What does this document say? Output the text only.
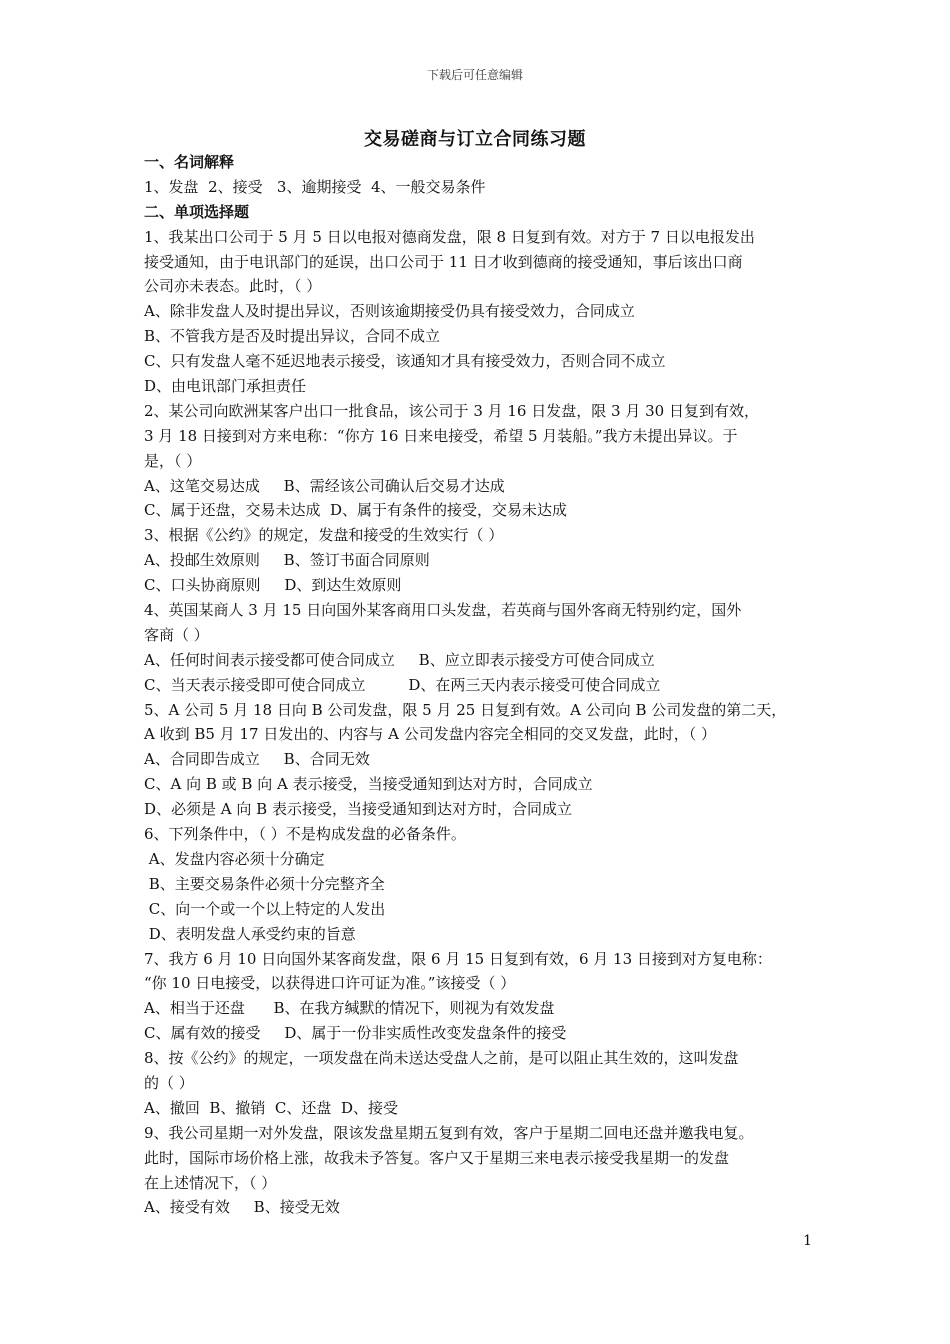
下载后可任意编辑
交易磋商与订立合同练习题
一、名词解释
1、发盘  2、接受   3、逾期接受  4、一般交易条件
二、单项选择题
1、我某出口公司于 5 月 5 日以电报对德商发盘，限 8 日复到有效。对方于 7 日以电报发出
接受通知，由于电讯部门的延误，出口公司于 11 日才收到德商的接受通知，事后该出口商
公司亦未表态。此时，（ ）
A、除非发盘人及时提出异议，否则该逾期接受仍具有接受效力，合同成立
B、不管我方是否及时提出异议，合同不成立
C、只有发盘人毫不延迟地表示接受，该通知才具有接受效力，否则合同不成立
D、由电讯部门承担责任
2、某公司向欧洲某客户出口一批食品，该公司于 3 月 16 日发盘，限 3 月 30 日复到有效，
3 月 18 日接到对方来电称：“你方 16 日来电接受，希望 5 月装船。”我方未提出异议。于
是，（ ）
A、这笔交易达成     B、需经该公司确认后交易才达成
C、属于还盘，交易未达成  D、属于有条件的接受，交易未达成
3、根据《公约》的规定，发盘和接受的生效实行（ ）
A、投邮生效原则     B、签订书面合同原则
C、口头协商原则     D、到达生效原则
4、英国某商人 3 月 15 日向国外某客商用口头发盘，若英商与国外客商无特别约定，国外
客商（ ）
A、任何时间表示接受都可使合同成立     B、应立即表示接受方可使合同成立
C、当天表示接受即可使合同成立         D、在两三天内表示接受可使合同成立
5、A 公司 5 月 18 日向 B 公司发盘，限 5 月 25 日复到有效。A 公司向 B 公司发盘的第二天，
A 收到 B5 月 17 日发出的、内容与 A 公司发盘内容完全相同的交叉发盘，此时，（ ）
A、合同即告成立     B、合同无效
C、A 向 B 或 B 向 A 表示接受，当接受通知到达对方时，合同成立
D、必须是 A 向 B 表示接受，当接受通知到达对方时，合同成立
6、下列条件中，（ ）不是构成发盘的必备条件。
A、发盘内容必须十分确定
B、主要交易条件必须十分完整齐全
C、向一个或一个以上特定的人发出
D、表明发盘人承受约束的旨意
7、我方 6 月 10 日向国外某客商发盘，限 6 月 15 日复到有效，6 月 13 日接到对方复电称：
“你 10 日电接受，以获得进口许可证为准。”该接受（ ）
A、相当于还盘      B、在我方缄默的情况下，则视为有效发盘
C、属有效的接受     D、属于一份非实质性改变发盘条件的接受
8、按《公约》的规定，一项发盘在尚未送达受盘人之前，是可以阻止其生效的，这叫发盘
的（ ）
A、撤回  B、撤销  C、还盘  D、接受
9、我公司星期一对外发盘，限该发盘星期五复到有效，客户于星期二回电还盘并邀我电复。
此时，国际市场价格上涨，故我未予答复。客户又于星期三来电表示接受我星期一的发盘
在上述情况下，（ ）
A、接受有效     B、接受无效
1
